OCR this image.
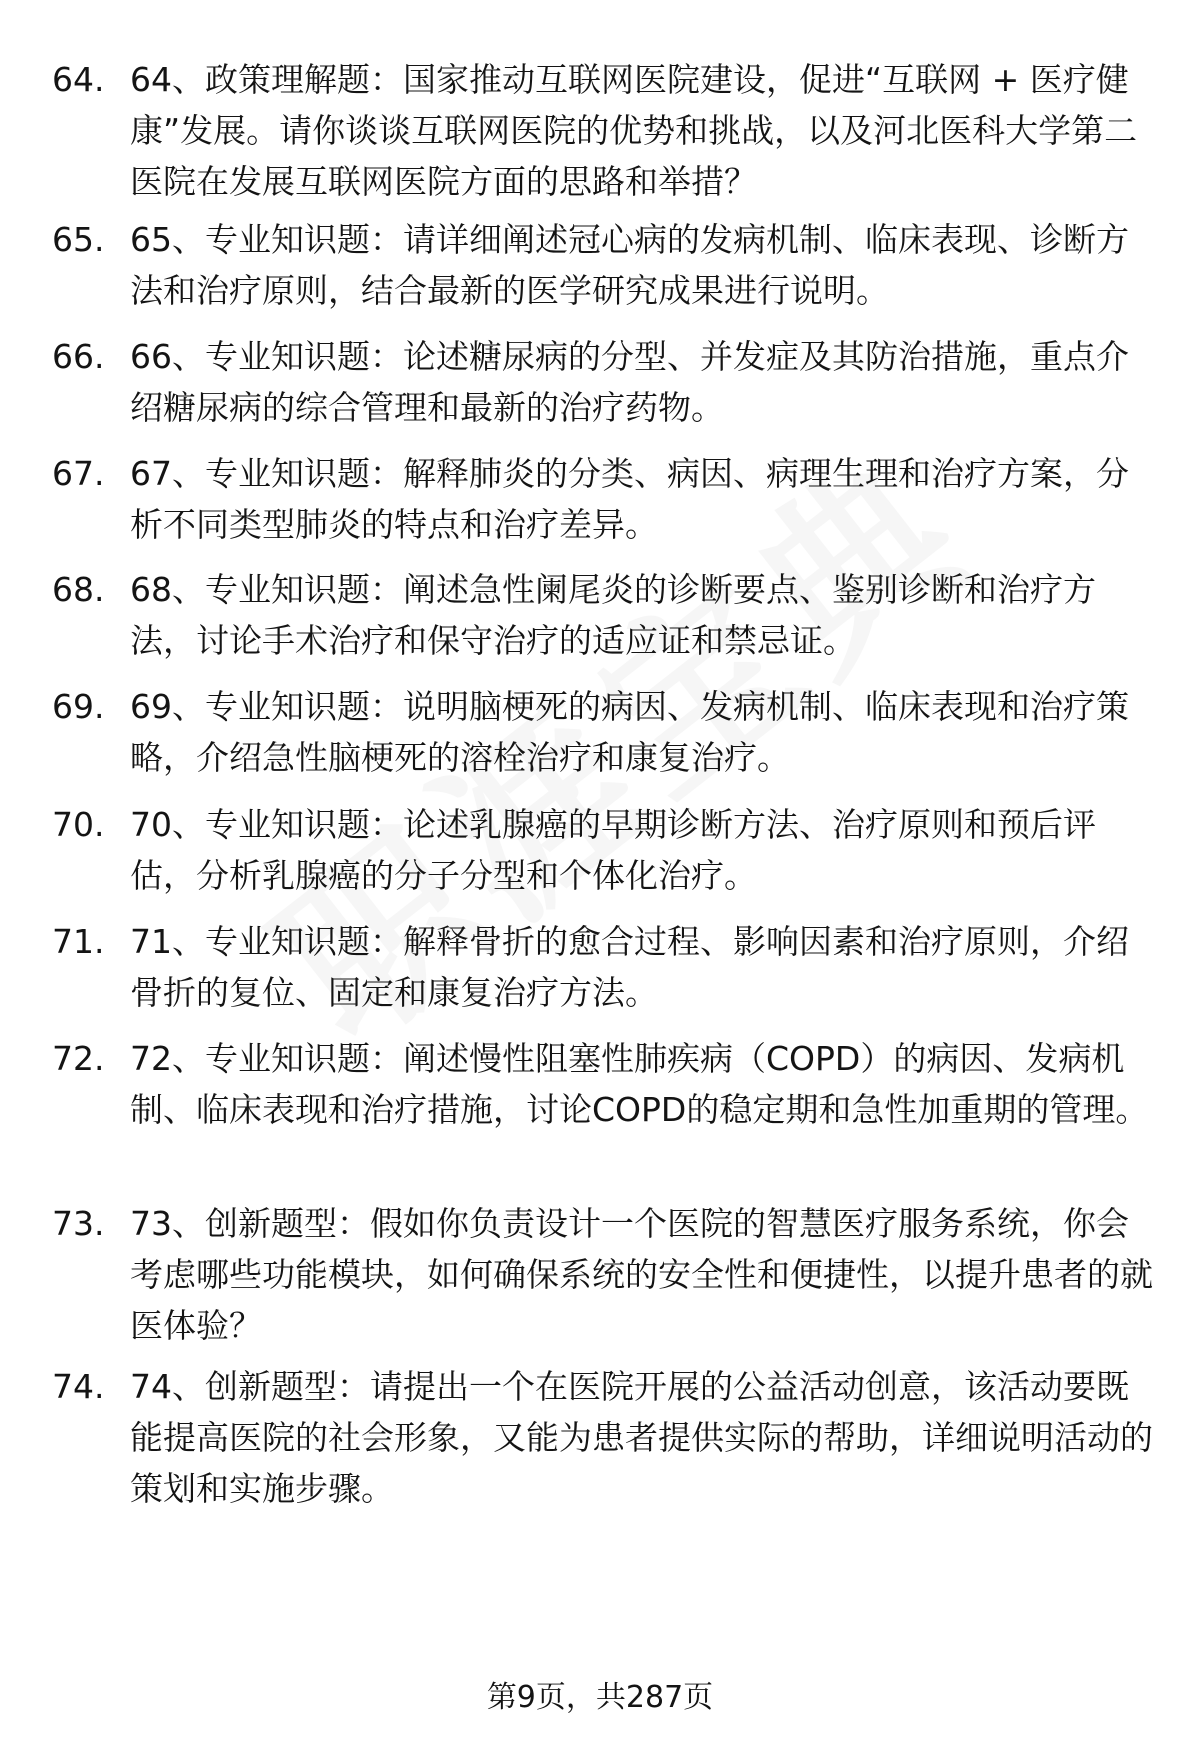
64. 64、政策理解题：国家推动互联网医院建设，促进“互联网 + 医疗健康”发展。请你谈谈互联网医院的优势和挑战，以及河北医科大学第二医院在发展互联网医院方面的思路和举措？
65. 65、专业知识题：请详细阐述冠心病的发病机制、临床表现、诊断方法和治疗原则，结合最新的医学研究成果进行说明。
66. 66、专业知识题：论述糖尿病的分型、并发症及其防治措施，重点介绍糖尿病的综合管理和最新的治疗药物。
67. 67、专业知识题：解释肺炎的分类、病因、病理生理和治疗方案，分析不同类型肺炎的特点和治疗差异。
68. 68、专业知识题：阐述急性阑尾炎的诊断要点、鉴别诊断和治疗方法，讨论手术治疗和保守治疗的适应证和禁忌证。
69. 69、专业知识题：说明脑梗死的病因、发病机制、临床表现和治疗策略，介绍急性脑梗死的溶栓治疗和康复治疗。
70. 70、专业知识题：论述乳腺癌的早期诊断方法、治疗原则和预后评估，分析乳腺癌的分子分型和个体化治疗。
71. 71、专业知识题：解释骨折的愈合过程、影响因素和治疗原则，介绍骨折的复位、固定和康复治疗方法。
72. 72、专业知识题：阐述慢性阻塞性肺疾病（COPD）的病因、发病机制、临床表现和治疗措施，讨论COPD的稳定期和急性加重期的管理。
73. 73、创新题型：假如你负责设计一个医院的智慧医疗服务系统，你会考虑哪些功能模块，如何确保系统的安全性和便捷性，以提升患者的就医体验？
74. 74、创新题型：请提出一个在医院开展的公益活动创意，该活动要既能提高医院的社会形象，又能为患者提供实际的帮助，详细说明活动的策划和实施步骤。
第9页，共287页
